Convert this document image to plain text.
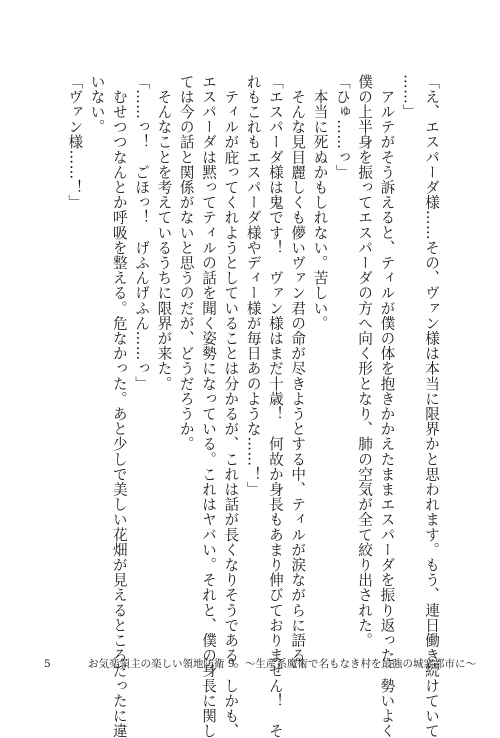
「え、エスパーダ様……その、ヴァン様は本当に限界かと思われます。もう、連日働き続けていて

……」

　アルテがそう訴えると、ティルが僕の体を抱きかかえたままエスパーダを振り返った。勢いよく

僕の上半身を振ってエスパーダの方へ向く形となり、肺の空気が全て絞り出された。

「ひゅ……っ」

　本当に死ぬかもしれない。苦しい。

　そんな見目麗しくも儚いヴァン君の命が尽きようとする中、ティルが涙ながらに語る。

「エスパーダ様は鬼です！　ヴァン様はまだ十歳！　何故か身長もあまり伸びておりません！　そ

れもこれもエスパーダ様やディー様が毎日あのような……！」

　ティルが庇ってくれようとしていることは分かるが、これは話が長くなりそうである。しかも、

エスパーダは黙ってティルの話を聞く姿勢になっている。これはヤバい。それと、僕の身長に関し

ては今の話と関係がないと思うのだが、どうだろうか。

　そんなことを考えているうちに限界が来た。

「……っ！　ごほっ！　げふんげふん……っ」

　むせつつなんとか呼吸を整える。危なかった。あと少しで美しい花畑が見えるところだったに違

いない。

「ヴァン様……！」

5	お気楽領主の楽しい領地防衛 9　～生産系魔術で名もなき村を最強の城塞都市に～
